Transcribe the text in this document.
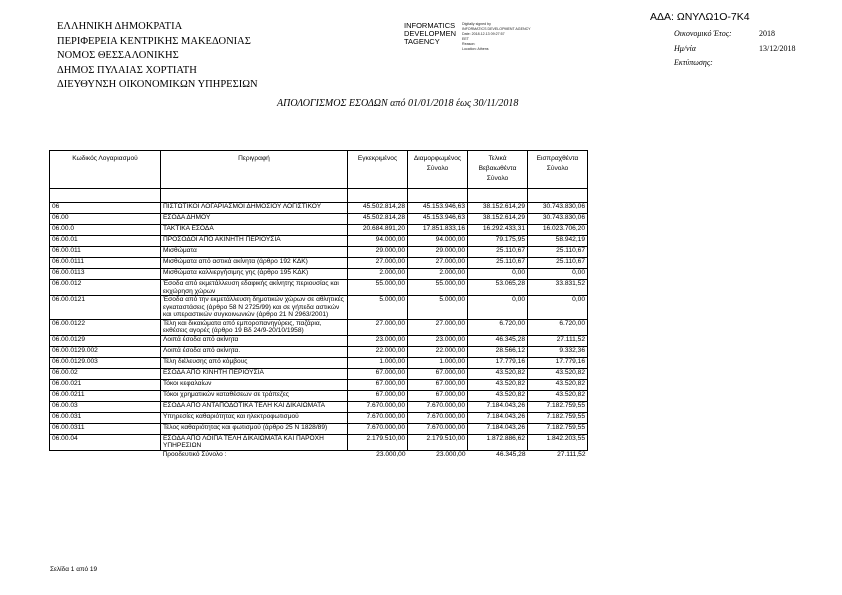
ΕΛΛΗΝΙΚΗ ΔΗΜΟΚΡΑΤΙΑ
ΠΕΡΙΦΕΡΕΙΑ ΚΕΝΤΡΙΚΗΣ ΜΑΚΕΔΟΝΙΑΣ
ΝΟΜΟΣ ΘΕΣΣΑΛΟΝΙΚΗΣ
ΔΗΜΟΣ ΠΥΛΑΙΑΣ ΧΟΡΤΙΑΤΗ
ΔΙΕΥΘΥΝΣΗ ΟΙΚΟΝΟΜΙΚΩΝ ΥΠΗΡΕΣΙΩΝ
INFORMATICS
DEVELOPMEN
TAGENCY
Digitally signed by
INFORMATICS DEVELOPMENT AGENCY
Date: 2018.12.13 09:27:57
EET
Reason:
Location: Athens
ΑΔΑ: ΩΝΥΛΩ1Ο-7Κ4
Οικονομικό Έτος:	2018
Ημ/νία	13/12/2018
Εκτύπωσης:
ΑΠΟΛΟΓΙΣΜΟΣ ΕΣΟΔΩΝ από 01/01/2018 έως 30/11/2018
Κωδικός Λογαριασμού	Περιγραφή	Εγκεκριμένος	Διαμορφωμένος Σύνολο	Τελικά Βεβαιωθέντα Σύνολο	Εισπραχθέντα Σύνολο

06	ΠΙΣΤΩΤΙΚΟΙ ΛΟΓΑΡΙΑΣΜΟΙ ΔΗΜΟΣΙΟΥ ΛΟΓΙΣΤΙΚΟΥ	45.502.814,28	45.153.946,63	38.152.614,29	30.743.830,06
06.00	ΕΣΟΔΑ ΔΗΜΟΥ	45.502.814,28	45.153.946,63	38.152.614,29	30.743.830,06
06.00.0	ΤΑΚΤΙΚΑ ΕΣΟΔΑ	20.684.891,20	17.851.833,16	16.292.433,31	16.023.706,20
06.00.01	ΠΡΟΣΟΔΟΙ ΑΠΟ ΑΚΙΝΗΤΗ ΠΕΡΙΟΥΣΙΑ	94.000,00	94.000,00	79.175,95	58.942,19
06.00.011	Μισθώματα	29.000,00	29.000,00	25.110,67	25.110,67
06.00.0111	Μισθώματα από αστικά ακίνητα (άρθρο 192 ΚΔΚ)	27.000,00	27.000,00	25.110,67	25.110,67
06.00.0113	Μισθώματα καλλιεργήσιμης γης (άρθρο 195 ΚΔΚ)	2.000,00	2.000,00	0,00	0,00
06.00.012	Έσοδα από εκμετάλλευση εδαφικής ακίνητης περιουσίας και εκχώρηση χώρων	55.000,00	55.000,00	53.065,28	33.831,52
06.00.0121	Έσοδα από την εκμετάλλευση δημοτικών χώρων σε αθλητικές εγκαταστάσεις (άρθρο 58 Ν 2725/99) και σε γήπεδα αστικών και υπεραστικών συγκοινωνιών (άρθρο 21 Ν 2963/2001)	5.000,00	5.000,00	0,00	0,00
06.00.0122	Τέλη και δικαιώματα από εμποροπανηγύρεις, παζάρια, εκθέσεις αγορές (άρθρο 19 Βδ 24/9-20/10/1958)	27.000,00	27.000,00	6.720,00	6.720,00
06.00.0129	Λοιπά έσοδα από ακίνητα	23.000,00	23.000,00	46.345,28	27.111,52
06.00.0129.002	Λοιπά έσοδα από ακίνητα.	22.000,00	22.000,00	28.566,12	9.332,36
06.00.0129.003	Τέλη διέλευσης από κόμβους	1.000,00	1.000,00	17.779,16	17.779,16
06.00.02	ΕΣΟΔΑ ΑΠΟ ΚΙΝΗΤΗ ΠΕΡΙΟΥΣΙΑ	67.000,00	67.000,00	43.520,82	43.520,82
06.00.021	Τόκοι κεφαλαίων	67.000,00	67.000,00	43.520,82	43.520,82
06.00.0211	Τόκοι χρηματικών καταθέσεων σε τράπεζες	67.000,00	67.000,00	43.520,82	43.520,82
06.00.03	ΕΣΟΔΑ ΑΠΟ ΑΝΤΑΠΟΔΟΤΙΚΑ ΤΕΛΗ ΚΑΙ ΔΙΚΑΙΩΜΑΤΑ	7.670.000,00	7.670.000,00	7.184.043,26	7.182.759,55
06.00.031	Υπηρεσίες καθαριότητας και ηλεκτροφωτισμού	7.670.000,00	7.670.000,00	7.184.043,26	7.182.759,55
06.00.0311	Τέλος καθαριότητας και φωτισμού (άρθρο 25 Ν 1828/89)	7.670.000,00	7.670.000,00	7.184.043,26	7.182.759,55
06.00.04	ΕΣΟΔΑ ΑΠΟ ΛΟΙΠΑ ΤΕΛΗ ΔΙΚΑΙΩΜΑΤΑ ΚΑΙ ΠΑΡΟΧΗ ΥΠΗΡΕΣΙΩΝ	2.179.510,00	2.179.510,00	1.872.886,62	1.842.203,55
	Προοδευτικό Σύνολο :	23.000,00	23.000,00	46.345,28	27.111,52
Σελίδα 1 από 19
